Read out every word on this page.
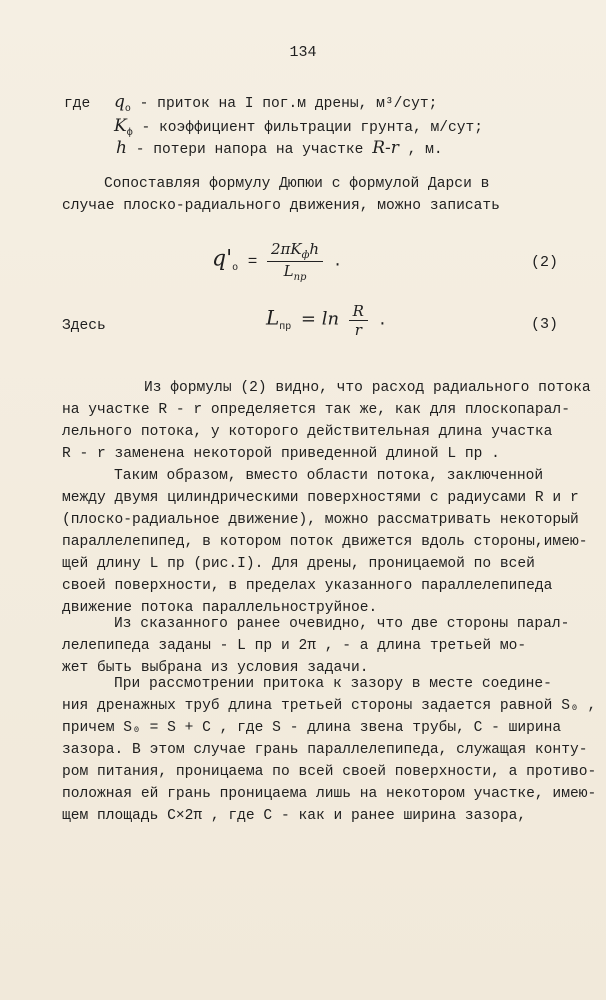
134
где $q_o$ - приток на I пог.м дрены, м³/сут;
$K_ф$ - коэффициент фильтрации грунта, м/сут;
h - потери напора на участке R-r , м.
Сопоставляя формулу Дюпюи с формулой Дарси в
случае плоско-радиального движения, можно записать
$q'_o = \frac{2\pi K_фh}{L_{пр}}$ .	(2)
Здесь	$L_{пр} = \ln \frac{R}{r}$ .	(3)
Из формулы (2) видно, что расход радиального потока
на участке R - r определяется так же, как для плоскопарал-
лельного потока, у которого действительная длина участка
R - r заменена некоторой приведенной длиной L пр .
Таким образом, вместо области потока, заключенной
между двумя цилиндрическими поверхностями с радиусами R и r
(плоско-радиальное движение), можно рассматривать некоторый
параллелепипед, в котором поток движется вдоль стороны,имею-
щей длину L пр (рис.I). Для дрены, проницаемой по всей
своей поверхности, в пределах указанного параллелепипеда
движение потока параллельноструйное.
Из сказанного ранее очевидно, что две стороны парал-
лелепипеда заданы - L пр и 2π , - а длина третьей мо-
жет быть выбрана из условия задачи.
При рассмотрении притока к зазору в месте соедине-
ния дренажных труб длина третьей стороны задается равной S₀ ,
причем S₀ = S + C , где S - длина звена трубы, C - ширина
зазора. В этом случае грань параллелепипеда, служащая конту-
ром питания, проницаема по всей своей поверхности, а противо-
положная ей грань проницаема лишь на некотором участке, имею-
щем площадь C×2π , где C - как и ранее ширина зазора,
